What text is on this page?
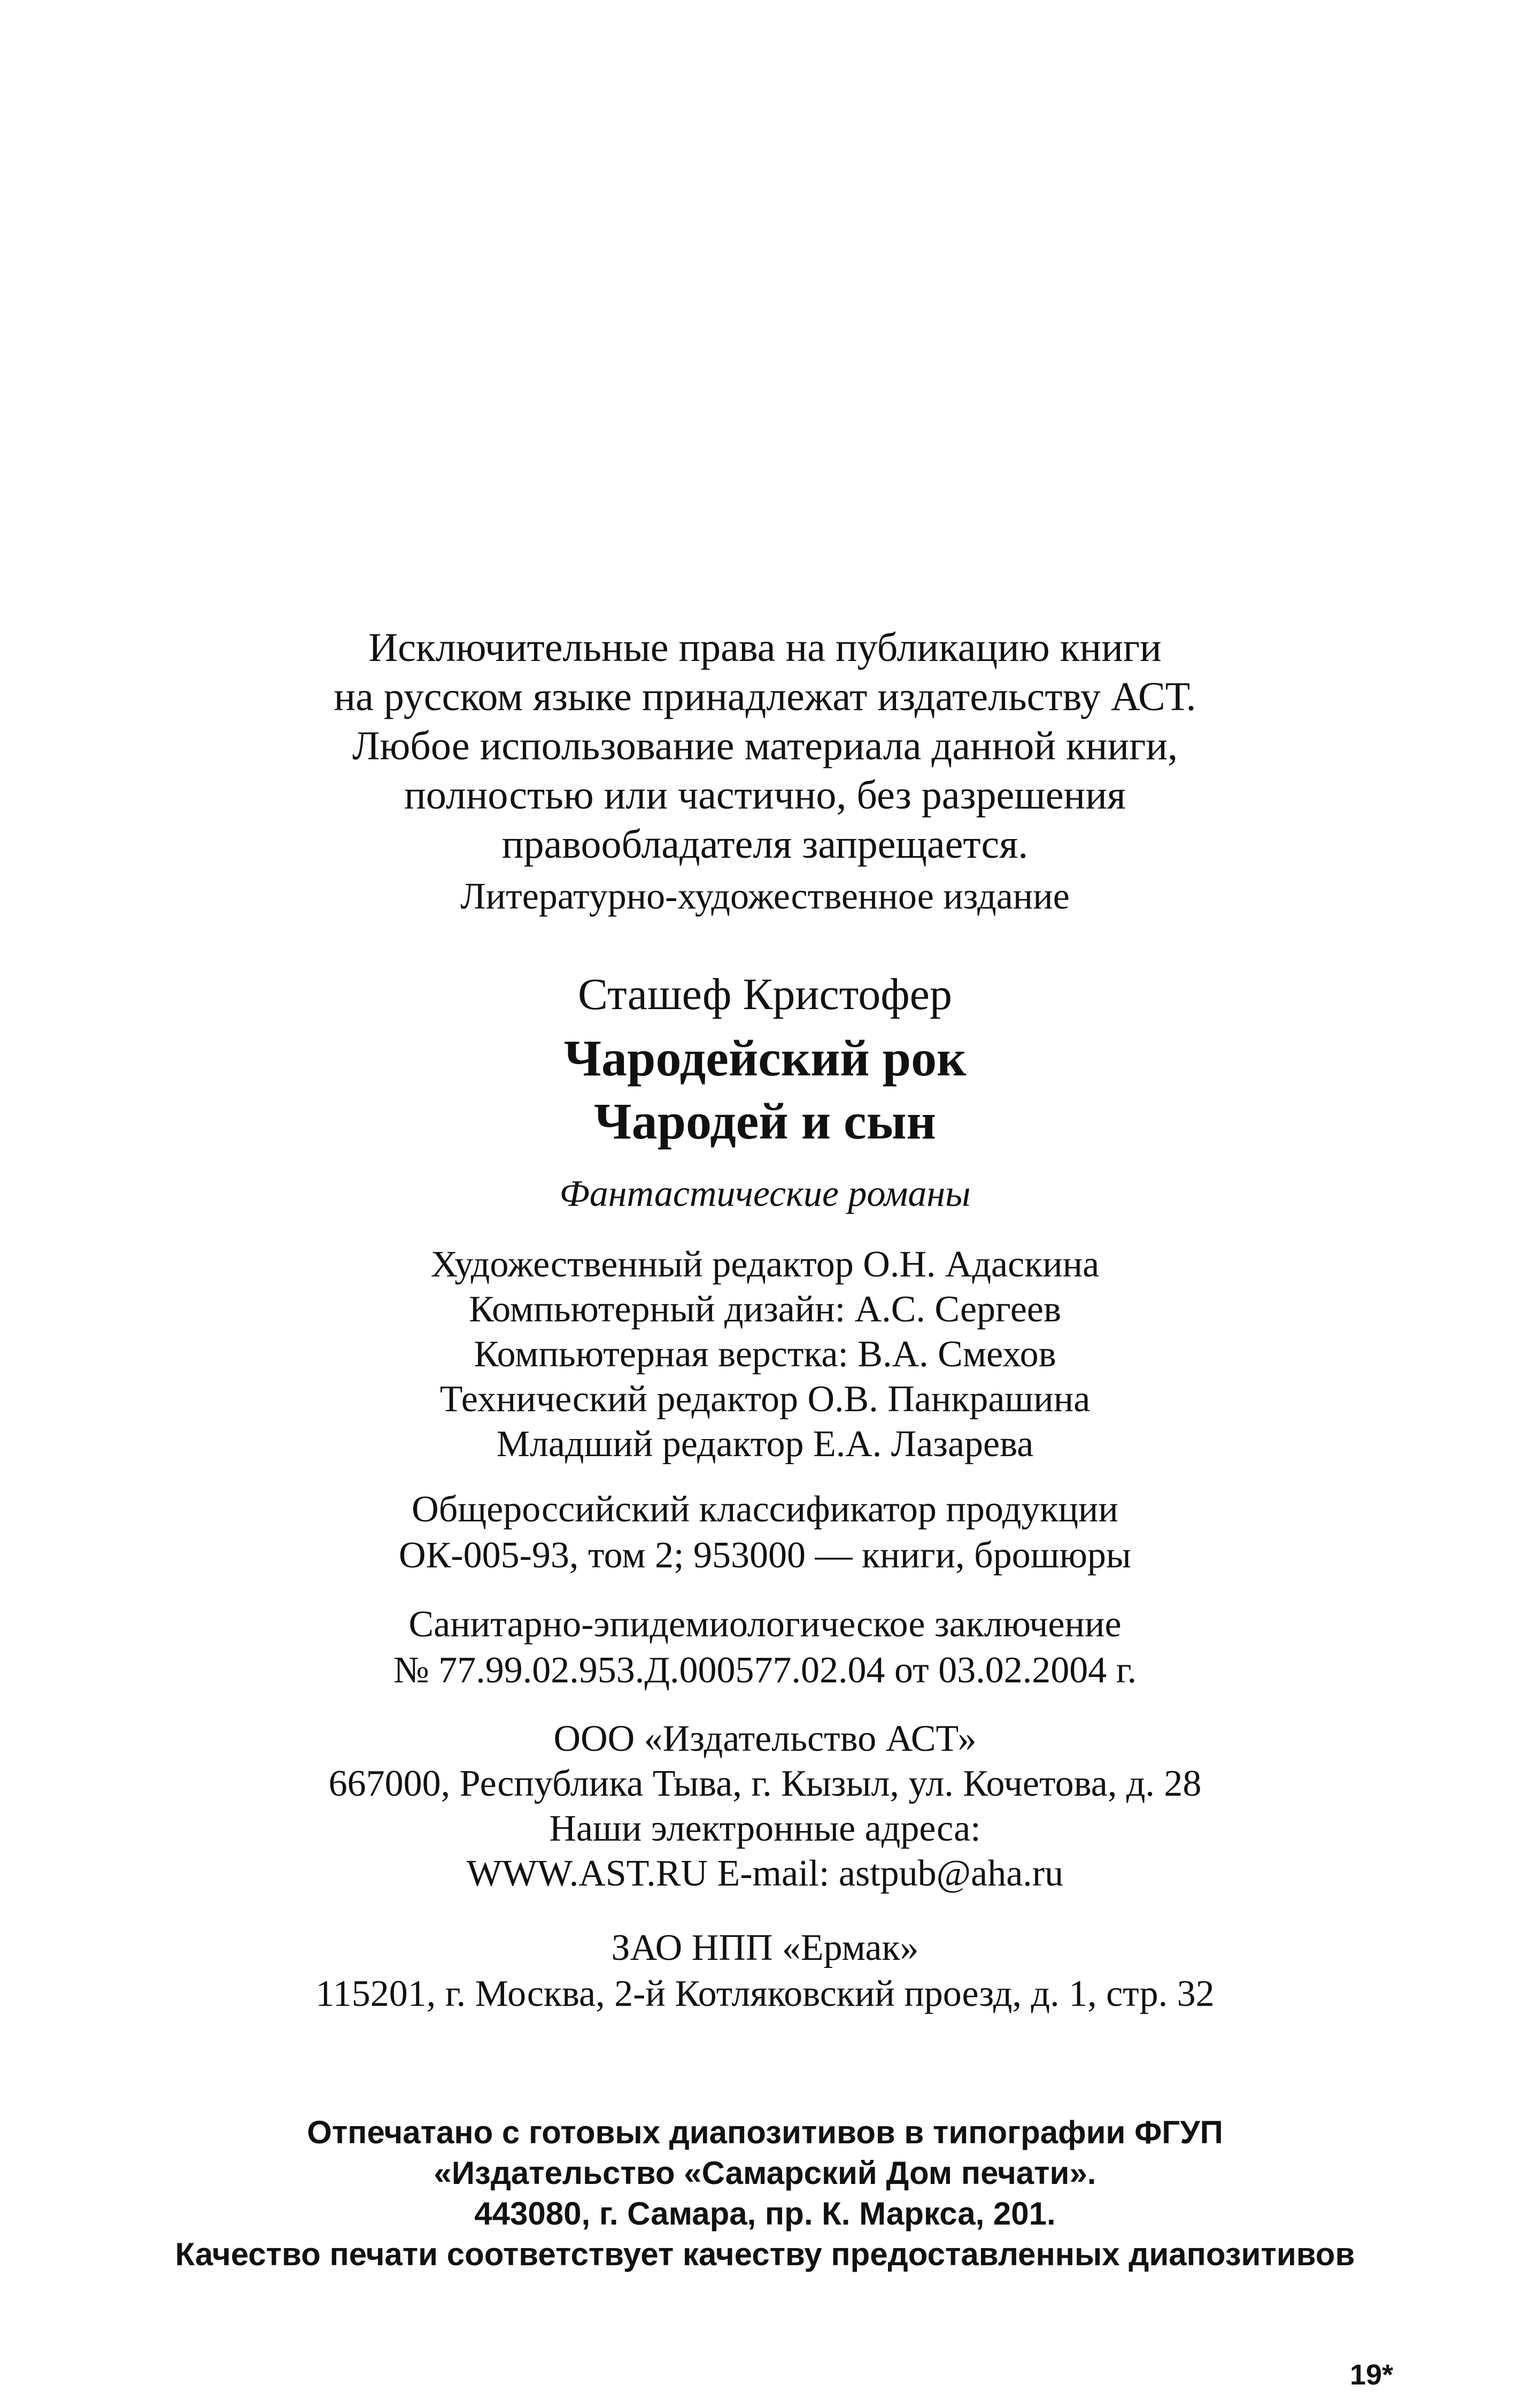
Исключительные права на публикацию книги
на русском языке принадлежат издательству АСТ.
Любое использование материала данной книги,
полностью или частично, без разрешения
правообладателя запрещается.
Литературно-художественное издание
Сташеф Кристофер
Чародейский рок
Чародей и сын
Фантастические романы
Художественный редактор О.Н. Адаскина
Компьютерный дизайн: А.С. Сергеев
Компьютерная верстка: В.А. Смехов
Технический редактор О.В. Панкрашина
Младший редактор Е.А. Лазарева
Общероссийский классификатор продукции
ОК-005-93, том 2; 953000 — книги, брошюры
Санитарно-эпидемиологическое заключение
№ 77.99.02.953.Д.000577.02.04 от 03.02.2004 г.
ООО «Издательство АСТ»
667000, Республика Тыва, г. Кызыл, ул. Кочетова, д. 28
Наши электронные адреса:
WWW.AST.RU E-mail: astpub@aha.ru
ЗАО НПП «Ермак»
115201, г. Москва, 2-й Котляковский проезд, д. 1, стр. 32
Отпечатано с готовых диапозитивов в типографии ФГУП
«Издательство «Самарский Дом печати».
443080, г. Самара, пр. К. Маркса, 201.
Качество печати соответствует качеству предоставленных диапозитивов
19*
